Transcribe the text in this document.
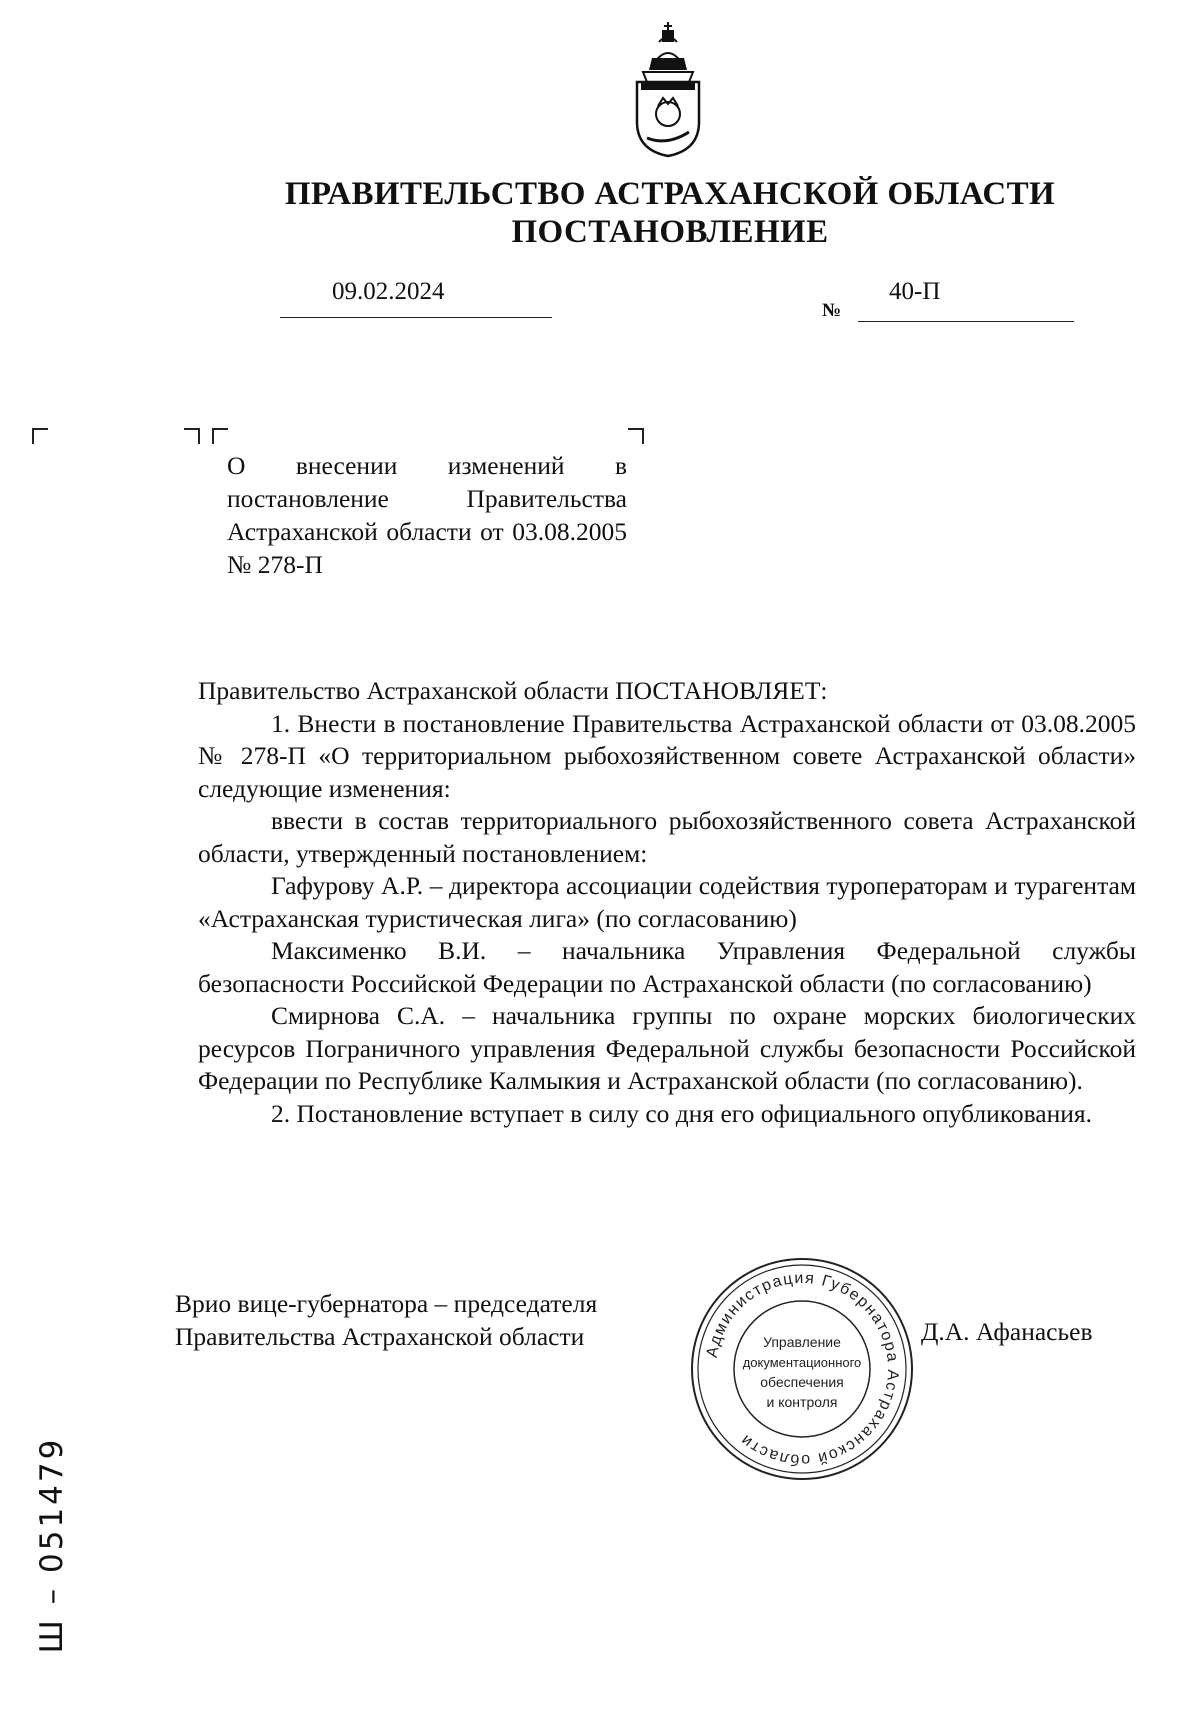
ПРАВИТЕЛЬСТВО АСТРАХАНСКОЙ ОБЛАСТИ
ПОСТАНОВЛЕНИЕ
09.02.2024
№
40-П
О внесении изменений в постановление Правительства Астраханской области от 03.08.2005 № 278-П

Правительство Астраханской области ПОСТАНОВЛЯЕТ:

1. Внести в постановление Правительства Астраханской области от 03.08.2005 № 278-П «О территориальном рыбохозяйственном совете Астраханской области» следующие изменения:

ввести в состав территориального рыбохозяйственного совета Астраханской области, утвержденный постановлением:

Гафурову А.Р. – директора ассоциации содействия туроператорам и турагентам «Астраханская туристическая лига» (по согласованию)

Максименко В.И. – начальника Управления Федеральной службы безопасности Российской Федерации по Астраханской области (по согласованию)

Смирнова С.А. – начальника группы по охране морских биологических ресурсов Пограничного управления Федеральной службы безопасности Российской Федерации по Республике Калмыкия и Астраханской области (по согласованию).

2. Постановление вступает в силу со дня его официального опубликования.

Врио вице-губернатора – председателя
Правительства Астраханской области
Администрация Губернатора Астраханской области
Управление
документационного
обеспечения
и контроля
Д.А. Афанасьев
Ш – 051479
